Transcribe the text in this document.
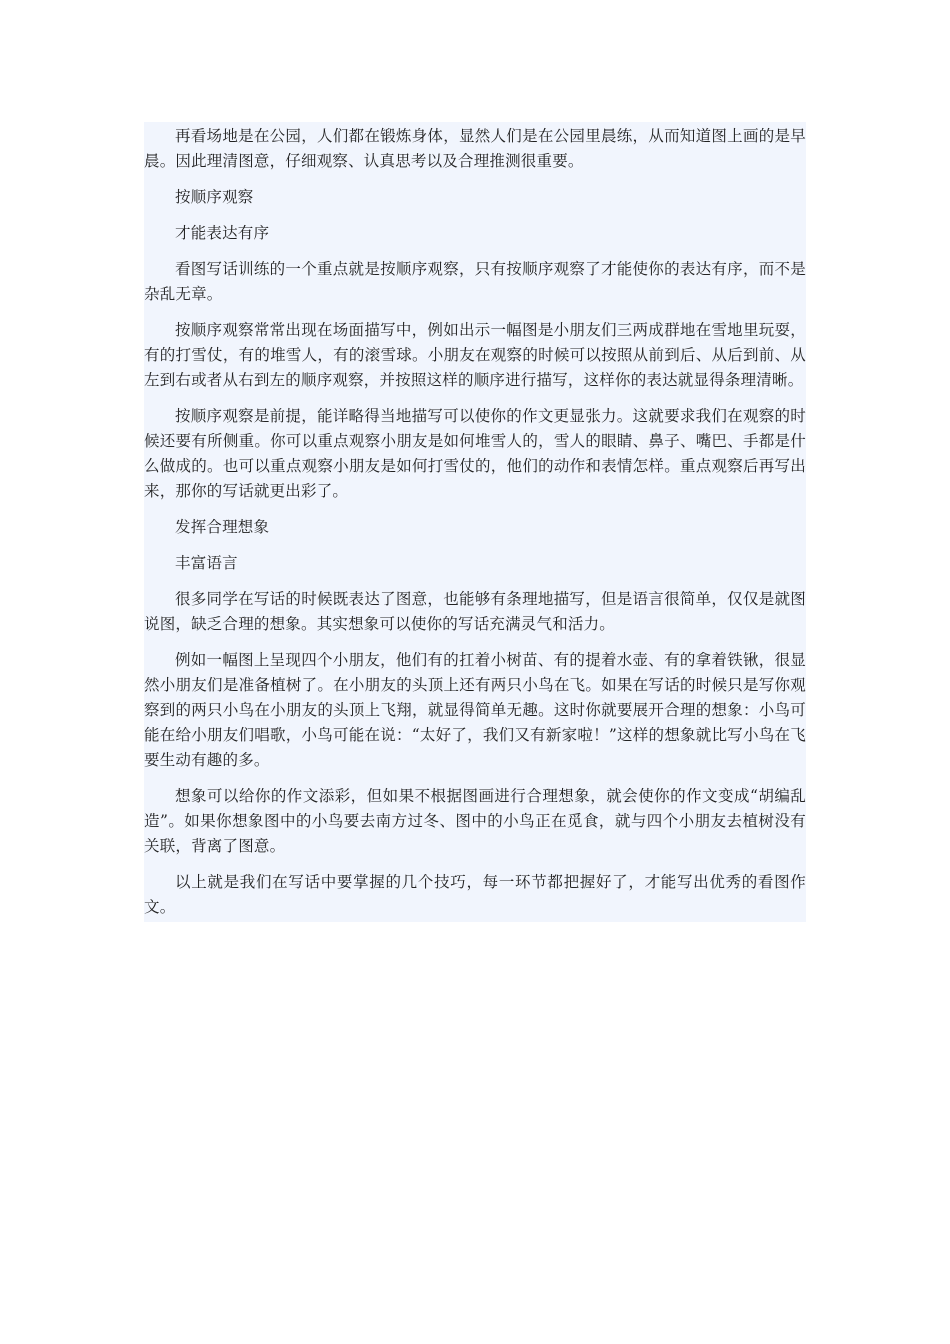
再看场地是在公园，人们都在锻炼身体，显然人们是在公园里晨练，从而知道图上画的是早晨。因此理清图意，仔细观察、认真思考以及合理推测很重要。

按顺序观察

才能表达有序

看图写话训练的一个重点就是按顺序观察，只有按顺序观察了才能使你的表达有序，而不是杂乱无章。

按顺序观察常常出现在场面描写中，例如出示一幅图是小朋友们三两成群地在雪地里玩耍，有的打雪仗，有的堆雪人，有的滚雪球。小朋友在观察的时候可以按照从前到后、从后到前、从左到右或者从右到左的顺序观察，并按照这样的顺序进行描写，这样你的表达就显得条理清晰。

按顺序观察是前提，能详略得当地描写可以使你的作文更显张力。这就要求我们在观察的时候还要有所侧重。你可以重点观察小朋友是如何堆雪人的，雪人的眼睛、鼻子、嘴巴、手都是什么做成的。也可以重点观察小朋友是如何打雪仗的，他们的动作和表情怎样。重点观察后再写出来，那你的写话就更出彩了。

发挥合理想象

丰富语言

很多同学在写话的时候既表达了图意，也能够有条理地描写，但是语言很简单，仅仅是就图说图，缺乏合理的想象。其实想象可以使你的写话充满灵气和活力。

例如一幅图上呈现四个小朋友，他们有的扛着小树苗、有的提着水壶、有的拿着铁锹，很显然小朋友们是准备植树了。在小朋友的头顶上还有两只小鸟在飞。如果在写话的时候只是写你观察到的两只小鸟在小朋友的头顶上飞翔，就显得简单无趣。这时你就要展开合理的想象：小鸟可能在给小朋友们唱歌，小鸟可能在说：“太好了，我们又有新家啦！”这样的想象就比写小鸟在飞要生动有趣的多。

想象可以给你的作文添彩，但如果不根据图画进行合理想象，就会使你的作文变成“胡编乱造”。如果你想象图中的小鸟要去南方过冬、图中的小鸟正在觅食，就与四个小朋友去植树没有关联，背离了图意。

以上就是我们在写话中要掌握的几个技巧，每一环节都把握好了，才能写出优秀的看图作文。
